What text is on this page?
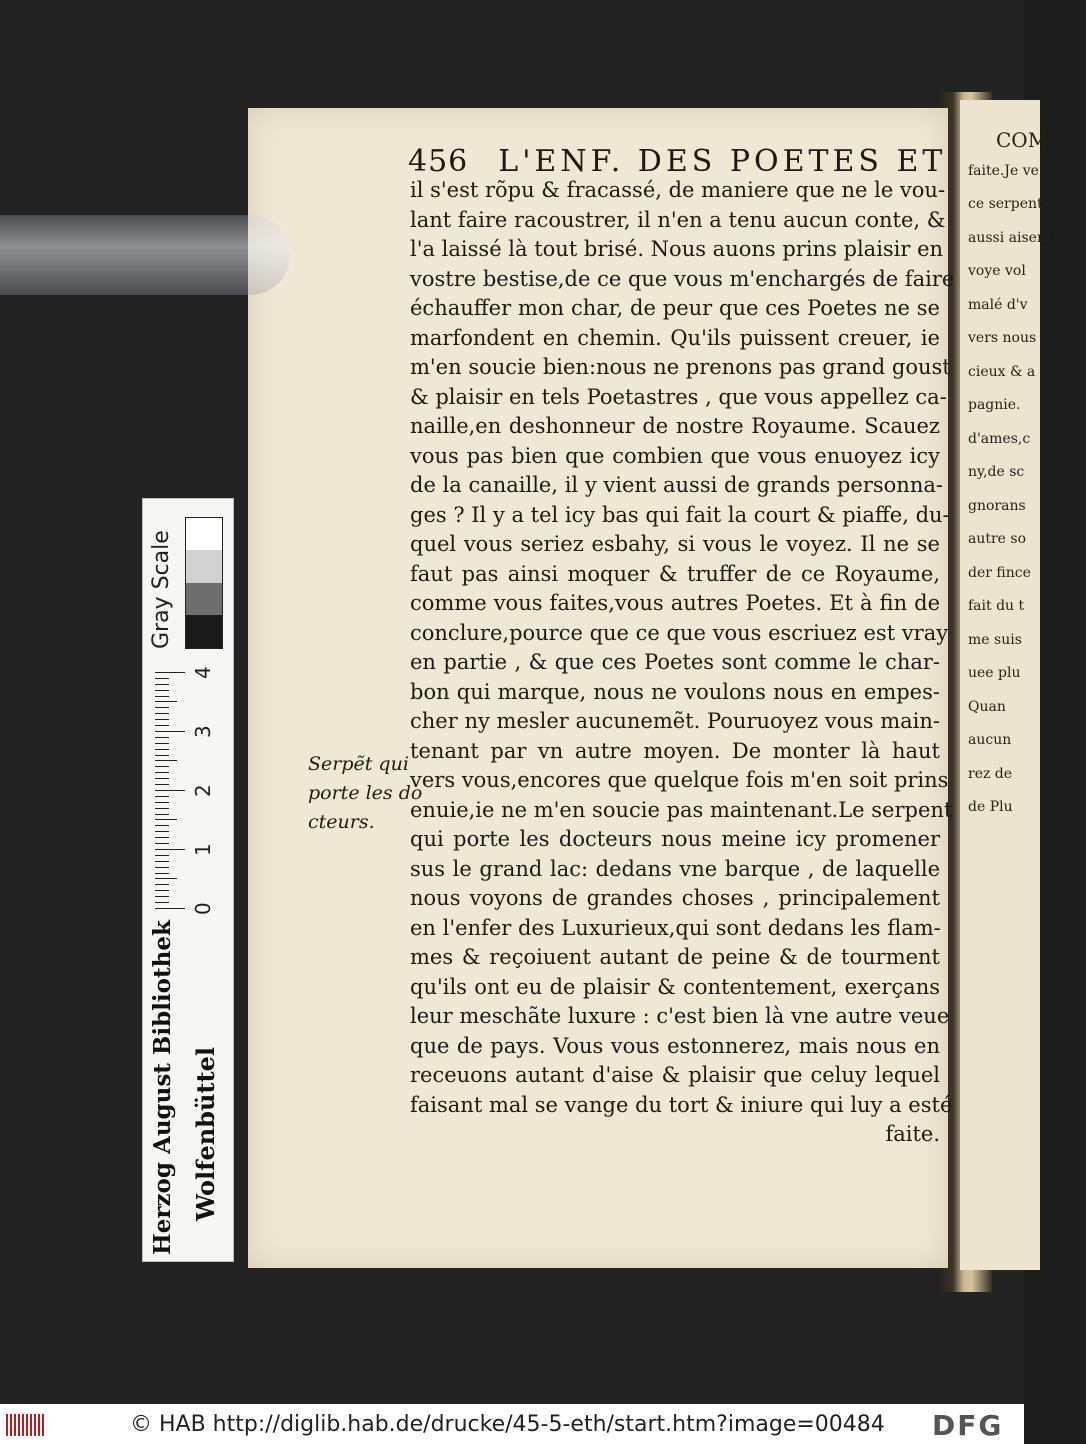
COM
faite.Je ve
ce serpent
aussi aisem
voye vol
malé d'v
vers nous
cieux & a
pagnie.
d'ames,c
ny,de sc
gnorans
autre so
der fince
fait du t
me suis
uee plu
Quan
aucun
rez de
de Plu
456 L'ENF. DES POETES ET
il s'est rõpu & fracassé, de maniere que ne le vou-
lant faire racoustrer, il n'en a tenu aucun conte, &
l'a laissé là tout brisé. Nous auons prins plaisir en
vostre bestise,de ce que vous m'enchargés de faire
échauffer mon char, de peur que ces Poetes ne se
marfondent en chemin. Qu'ils puissent creuer, ie
m'en soucie bien:nous ne prenons pas grand goust
& plaisir en tels Poetastres , que vous appellez ca-
naille,en deshonneur de nostre Royaume. Scauez
vous pas bien que combien que vous enuoyez icy
de la canaille, il y vient aussi de grands personna-
ges ? Il y a tel icy bas qui fait la court & piaffe, du-
quel vous seriez esbahy, si vous le voyez. Il ne se
faut pas ainsi moquer & truffer de ce Royaume,
comme vous faites,vous autres Poetes. Et à fin de
conclure,pource que ce que vous escriuez est vray
en partie , & que ces Poetes sont comme le char-
bon qui marque, nous ne voulons nous en empes-
cher ny mesler aucunemẽt. Pouruoyez vous main-
tenant par vn autre moyen. De monter là haut
vers vous,encores que quelque fois m'en soit prins
enuie,ie ne m'en soucie pas maintenant.Le serpent
qui porte les docteurs nous meine icy promener
sus le grand lac: dedans vne barque , de laquelle
nous voyons de grandes choses , principalement
en l'enfer des Luxurieux,qui sont dedans les flam-
mes & reçoiuent autant de peine & de tourment
qu'ils ont eu de plaisir & contentement, exerçans
leur meschãte luxure : c'est bien là vne autre veue
que de pays. Vous vous estonnerez, mais nous en
receuons autant d'aise & plaisir que celuy lequel
faisant mal se vange du tort & iniure qui luy a esté
faite.
Serpẽt qui
porte les do
cteurs.
Herzog August Bibliothek Wolfenbüttel
0
1
2
3
4
Gray Scale
© HAB http://diglib.hab.de/drucke/45-5-eth/start.htm?image=00484 DFG
